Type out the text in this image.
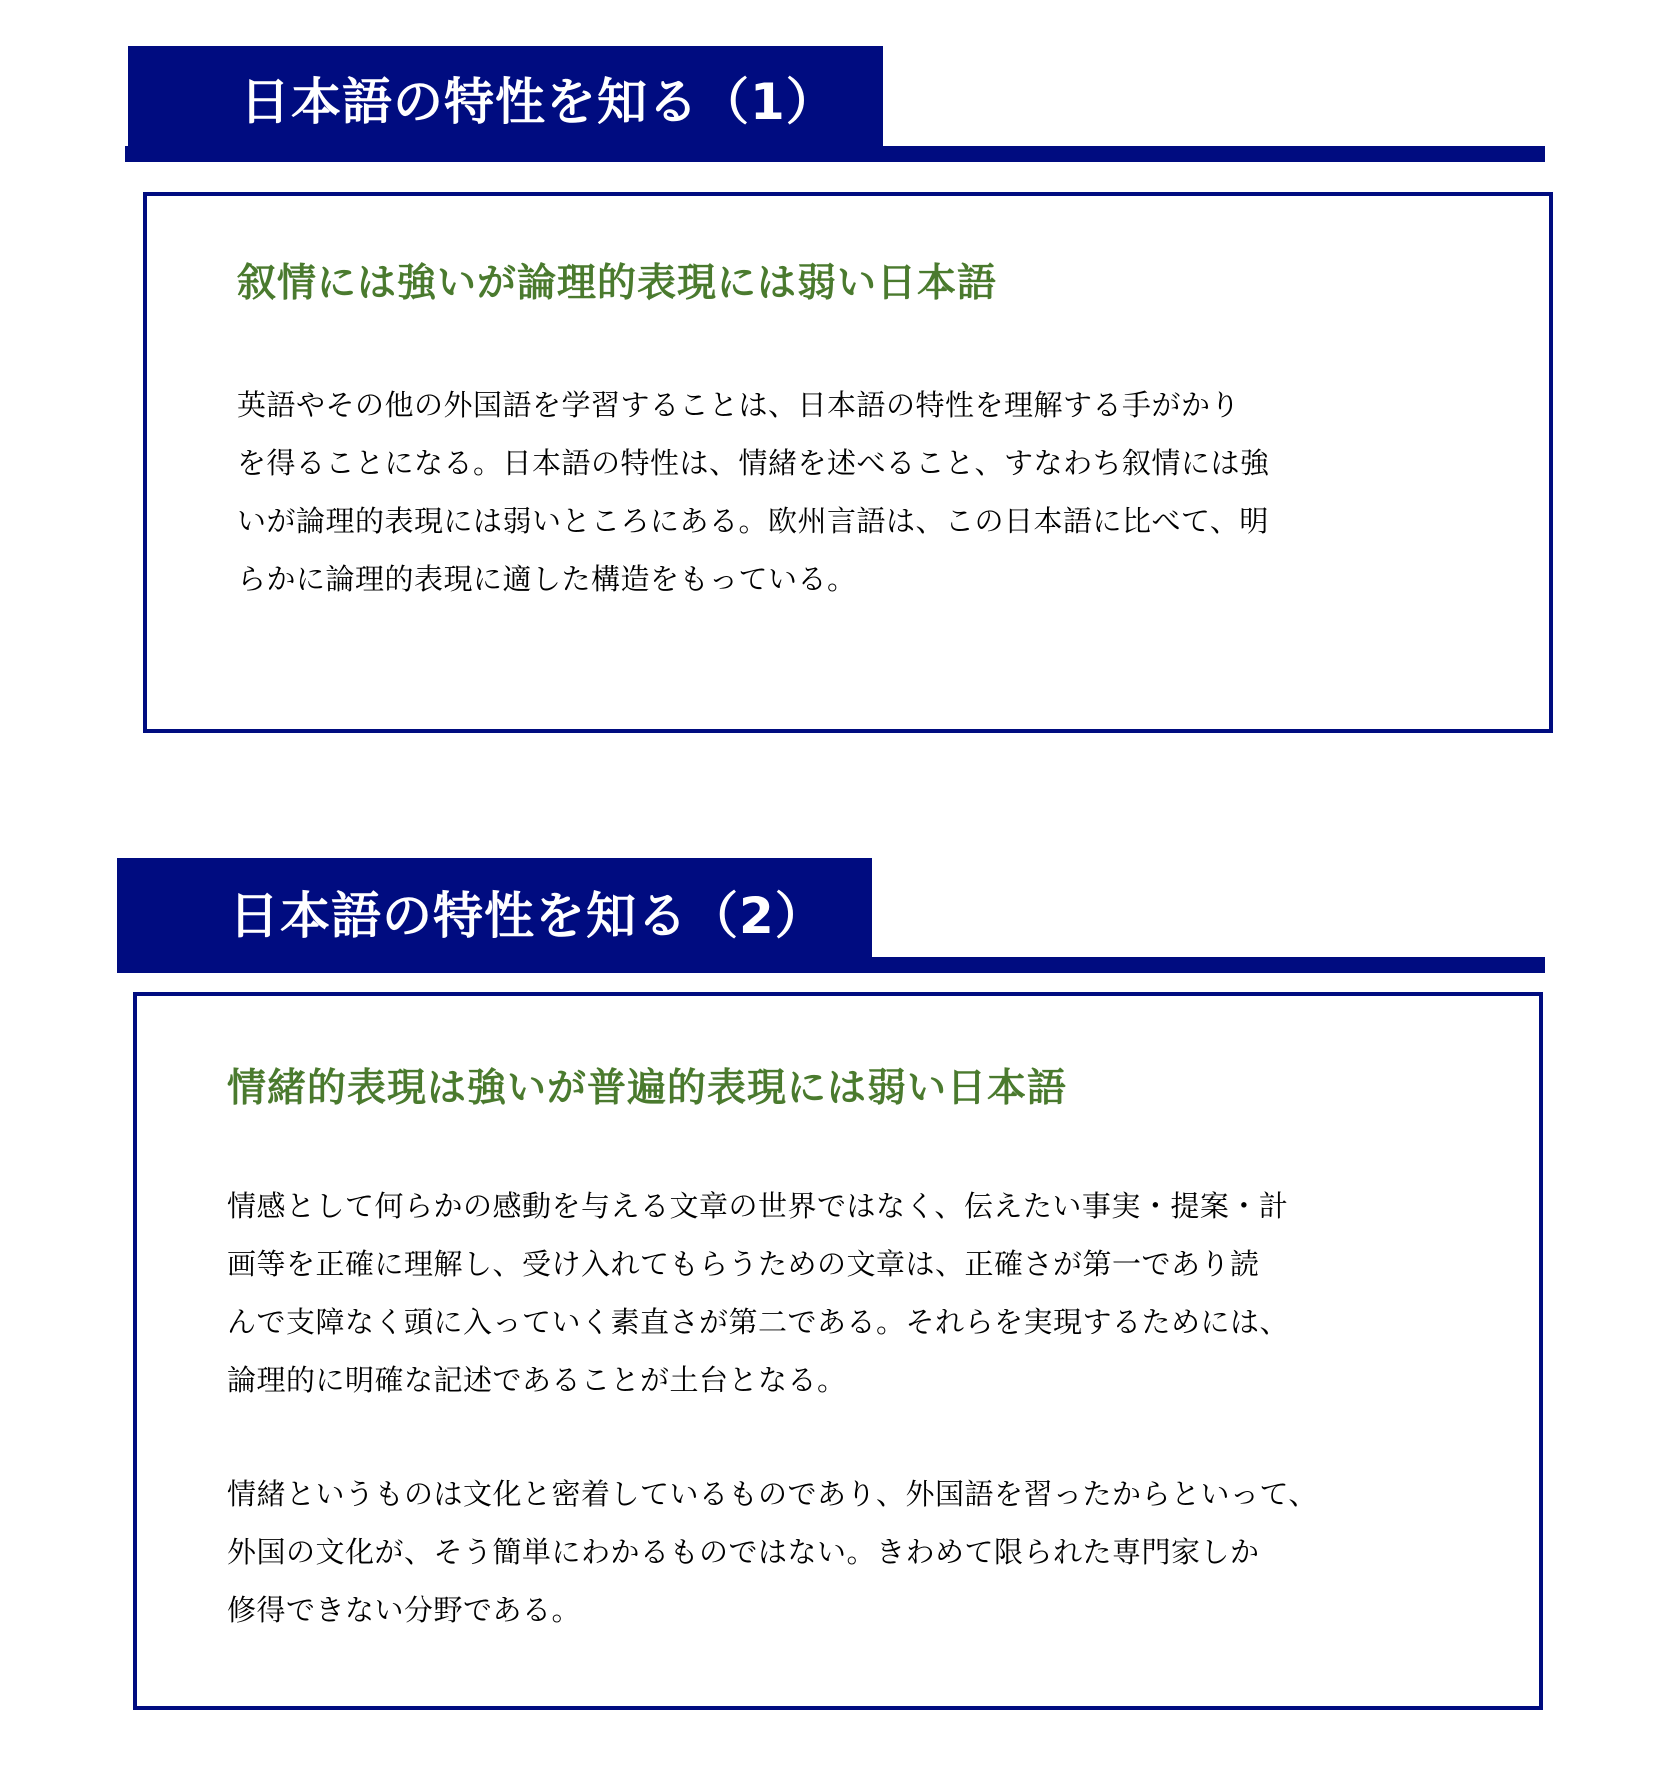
日本語の特性を知る（1）
叙情には強いが論理的表現には弱い日本語

英語やその他の外国語を学習することは、日本語の特性を理解する手がかり
を得ることになる。日本語の特性は、情緒を述べること、すなわち叙情には強
いが論理的表現には弱いところにある。欧州言語は、この日本語に比べて、明
らかに論理的表現に適した構造をもっている。

日本語の特性を知る（2）
情緒的表現は強いが普遍的表現には弱い日本語

情感として何らかの感動を与える文章の世界ではなく、伝えたい事実・提案・計
画等を正確に理解し、受け入れてもらうための文章は、正確さが第一であり読
んで支障なく頭に入っていく素直さが第二である。それらを実現するためには、
論理的に明確な記述であることが土台となる。

情緒というものは文化と密着しているものであり、外国語を習ったからといって、
外国の文化が、そう簡単にわかるものではない。きわめて限られた専門家しか
修得できない分野である。
